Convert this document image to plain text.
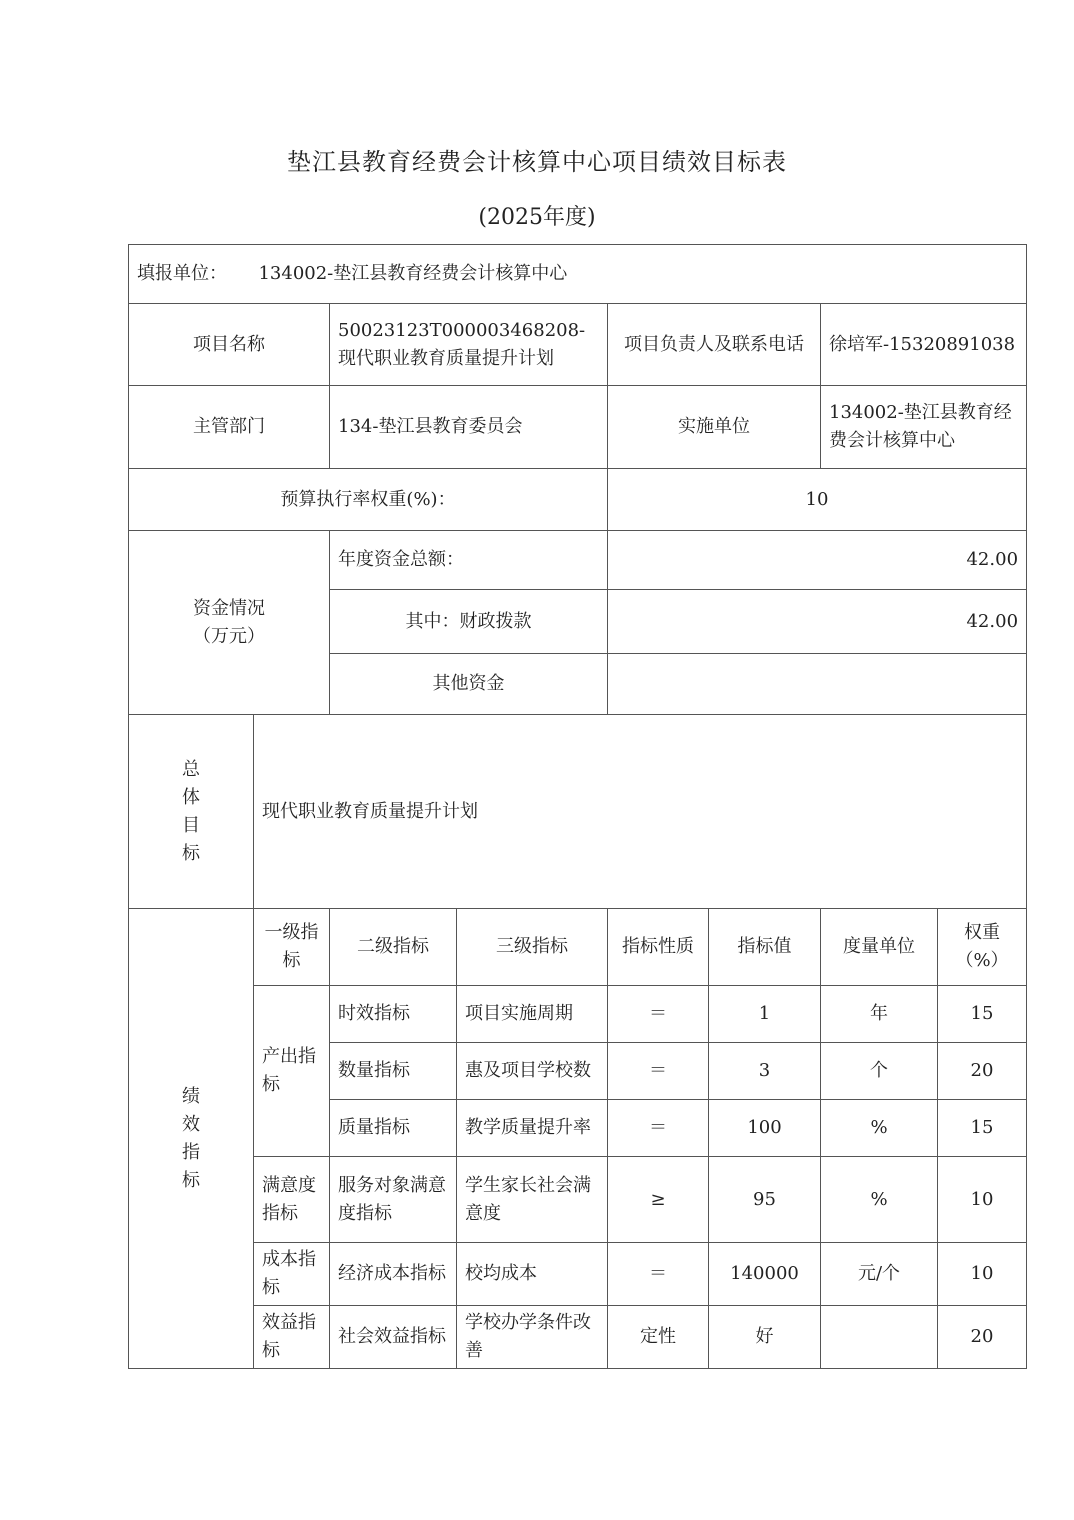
垫江县教育经费会计核算中心项目绩效目标表
(2025年度)
填报单位： 134002-垫江县教育经费会计核算中心							
项目名称		50023123T000003468208-现代职业教育质量提升计划		项目负责人及联系电话		徐培军-15320891038	
主管部门		134-垫江县教育委员会		实施单位		134002-垫江县教育经费会计核算中心	
预算执行率权重(%)：				10			

资金情况
（万元）		年度资金总额：		42.00			
		其中：财政拨款		42.00			
		其他资金					

总
体
目
标	现代职业教育质量提升计划						

绩
效
指
标	一级指标	二级指标	三级指标	指标性质	指标值	度量单位	权重（%）
	产出指标	时效指标	项目实施周期	＝	1	年	15
		数量指标	惠及项目学校数	＝	3	个	20
		质量指标	教学质量提升率	＝	100	%	15
	满意度指标	服务对象满意度指标	学生家长社会满意度	≥	95	%	10
	成本指标	经济成本指标	校均成本	＝	140000	元/个	10
	效益指标	社会效益指标	学校办学条件改善	定性	好		20
